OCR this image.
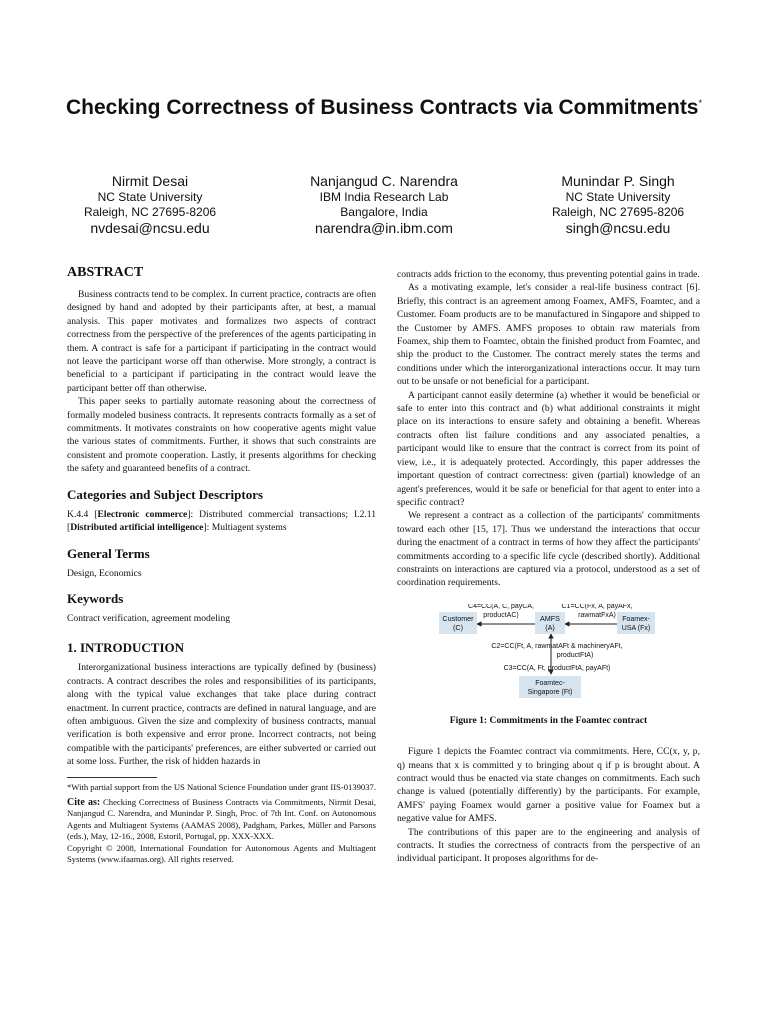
Checking Correctness of Business Contracts via Commitments*
Nirmit Desai
NC State University
Raleigh, NC 27695-8206
nvdesai@ncsu.edu
Nanjangud C. Narendra
IBM India Research Lab
Bangalore, India
narendra@in.ibm.com
Munindar P. Singh
NC State University
Raleigh, NC 27695-8206
singh@ncsu.edu
ABSTRACT

Business contracts tend to be complex. In current practice, contracts are often designed by hand and adopted by their participants after, at best, a manual analysis. This paper motivates and formalizes two aspects of contract correctness from the perspective of the preferences of the agents participating in them. A contract is safe for a participant if participating in the contract would not leave the participant worse off than otherwise. More strongly, a contract is beneficial to a participant if participating in the contract would leave the participant better off than otherwise.

This paper seeks to partially automate reasoning about the correctness of formally modeled business contracts. It represents contracts formally as a set of commitments. It motivates constraints on how cooperative agents might value the various states of commitments. Further, it shows that such constraints are consistent and promote cooperation. Lastly, it presents algorithms for checking the safety and guaranteed benefits of a contract.

Categories and Subject Descriptors

K.4.4 [Electronic commerce]: Distributed commercial transactions; I.2.11 [Distributed artificial intelligence]: Multiagent systems

General Terms

Design, Economics

Keywords

Contract verification, agreement modeling

1. INTRODUCTION

Interorganizational business interactions are typically defined by (business) contracts. A contract describes the roles and responsibilities of its participants, along with the typical value exchanges that take place during contract enactment. In current practice, contracts are defined in natural language, and are often ambiguous. Given the size and complexity of business contracts, manual verification is both expensive and error prone. Incorrect contracts, not being compatible with the participants' preferences, are either subverted or carried out at some loss. Further, the risk of hidden hazards in

*With partial support from the US National Science Foundation under grant IIS-0139037.

Cite as: Checking Correctness of Business Contracts via Commitments, Nirmit Desai, Nanjangud C. Narendra, and Munindar P. Singh, Proc. of 7th Int. Conf. on Autonomous Agents and Multiagent Systems (AAMAS 2008), Padgham, Parkes, Müller and Parsons (eds.), May, 12-16., 2008, Estoril, Portugal, pp. XXX-XXX.

Copyright © 2008, International Foundation for Autonomous Agents and Multiagent Systems (www.ifaamas.org). All rights reserved.

contracts adds friction to the economy, thus preventing potential gains in trade.

As a motivating example, let's consider a real-life business contract [6]. Briefly, this contract is an agreement among Foamex, AMFS, Foamtec, and a Customer. Foam products are to be manufactured in Singapore and shipped to the Customer by AMFS. AMFS proposes to obtain raw materials from Foamex, ship them to Foamtec, obtain the finished product from Foamtec, and ship the product to the Customer. The contract merely states the terms and conditions under which the interorganizational interactions occur. It may turn out to be unsafe or not beneficial for a participant.

A participant cannot easily determine (a) whether it would be beneficial or safe to enter into this contract and (b) what additional constraints it might place on its interactions to ensure safety and obtaining a benefit. Whereas contracts often list failure conditions and any associated penalties, a participant would like to ensure that the contract is correct from its point of view, i.e., it is adequately protected. Accordingly, this paper addresses the important question of contract correctness: given (partial) knowledge of an agent's preferences, would it be safe or beneficial for that agent to enter into a specific contract?

We represent a contract as a collection of the participants' commitments toward each other [15, 17]. Thus we understand the interactions that occur during the enactment of a contract in terms of how they affect the participants' commitments according to a specific life cycle (described shortly). Additional constraints on interactions are captured via a protocol, understood as a set of coordination requirements.

Customer
(C)
AMFS
(A)
Foamex-
USA (Fx)
Foamtec-
Singapore (Ft)
C4=CC(A, C, payCA,
productAC)
C1=CC(Fx, A, payAFx,
rawmatFxA)
C2=CC(Ft, A, rawmatAFt & machineryAFt,
productFtA)
C3=CC(A, Ft, productFtA, payAFt)
Figure 1: Commitments in the Foamtec contract

Figure 1 depicts the Foamtec contract via commitments. Here, CC(x, y, p, q) means that x is committed y to bringing about q if p is brought about. A contract would thus be enacted via state changes on commitments. Each such change is valued (potentially differently) by the participants. For example, AMFS' paying Foamex would garner a positive value for Foamex but a negative value for AMFS.

The contributions of this paper are to the engineering and analysis of contracts. It studies the correctness of contracts from the perspective of an individual participant. It proposes algorithms for de-
